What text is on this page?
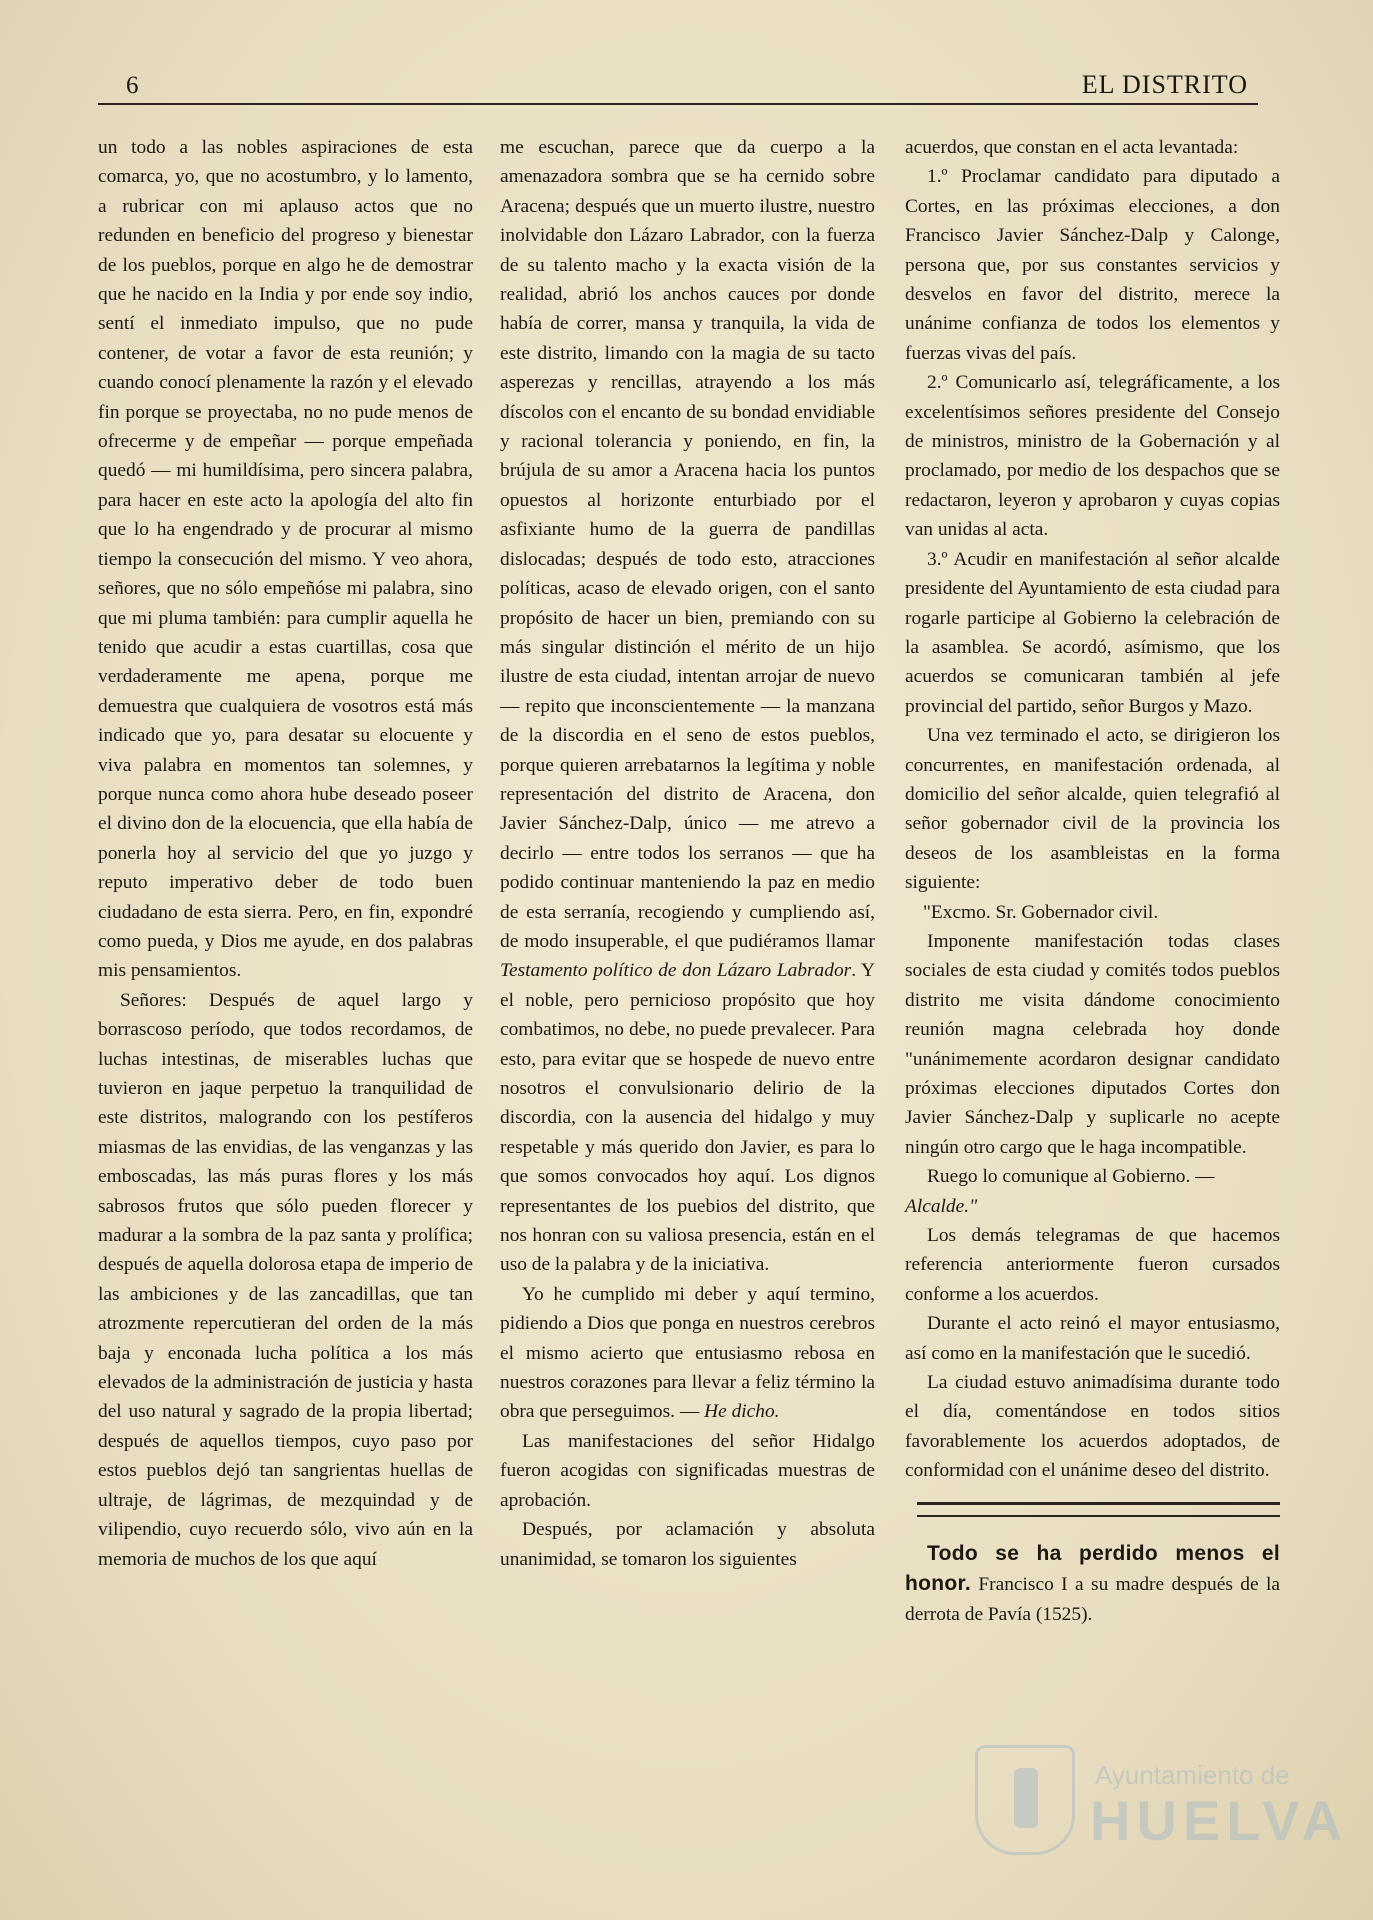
6	EL DISTRITO

un todo a las nobles aspiraciones de esta comarca, yo, que no acostumbro, y lo lamento, a rubricar con mi aplauso actos que no redunden en beneficio del progreso y bienestar de los pueblos, porque en algo he de demostrar que he nacido en la India y por ende soy indio, sentí el inmediato impulso, que no pude contener, de votar a favor de esta reunión; y cuando conocí plenamente la razón y el elevado fin porque se proyectaba, no no pude menos de ofrecerme y de empeñar — porque empeñada quedó — mi humildísima, pero sincera palabra, para hacer en este acto la apología del alto fin que lo ha engendrado y de procurar al mismo tiempo la consecución del mismo. Y veo ahora, señores, que no sólo empeñóse mi palabra, sino que mi pluma también: para cumplir aquella he tenido que acudir a estas cuartillas, cosa que verdaderamente me apena, porque me demuestra que cualquiera de vosotros está más indicado que yo, para desatar su elocuente y viva palabra en momentos tan solemnes, y porque nunca como ahora hube deseado poseer el divino don de la elocuencia, que ella había de ponerla hoy al servicio del que yo juzgo y reputo imperativo deber de todo buen ciudadano de esta sierra. Pero, en fin, expondré como pueda, y Dios me ayude, en dos palabras mis pensamientos.

Señores: Después de aquel largo y borrascoso período, que todos recordamos, de luchas intestinas, de miserables luchas que tuvieron en jaque perpetuo la tranquilidad de este distritos, malogrando con los pestíferos miasmas de las envidias, de las venganzas y las emboscadas, las más puras flores y los más sabrosos frutos que sólo pueden florecer y madurar a la sombra de la paz santa y prolífica; después de aquella dolorosa etapa de imperio de las ambiciones y de las zancadillas, que tan atrozmente repercutieran del orden de la más baja y enconada lucha política a los más elevados de la administración de justicia y hasta del uso natural y sagrado de la propia libertad; después de aquellos tiempos, cuyo paso por estos pueblos dejó tan sangrientas huellas de ultraje, de lágrimas, de mezquindad y de vilipendio, cuyo recuerdo sólo, vivo aún en la memoria de muchos de los que aquí

me escuchan, parece que da cuerpo a la amenazadora sombra que se ha cernido sobre Aracena; después que un muerto ilustre, nuestro inolvidable don Lázaro Labrador, con la fuerza de su talento macho y la exacta visión de la realidad, abrió los anchos cauces por donde había de correr, mansa y tranquila, la vida de este distrito, limando con la magia de su tacto asperezas y rencillas, atrayendo a los más díscolos con el encanto de su bondad envidiable y racional tolerancia y poniendo, en fin, la brújula de su amor a Aracena hacia los puntos opuestos al horizonte enturbiado por el asfixiante humo de la guerra de pandillas dislocadas; después de todo esto, atracciones políticas, acaso de elevado origen, con el santo propósito de hacer un bien, premiando con su más singular distinción el mérito de un hijo ilustre de esta ciudad, intentan arrojar de nuevo — repito que inconscientemente — la manzana de la discordia en el seno de estos pueblos, porque quieren arrebatarnos la legítima y noble representación del distrito de Aracena, don Javier Sánchez-Dalp, único — me atrevo a decirlo — entre todos los serranos — que ha podido continuar manteniendo la paz en medio de esta serranía, recogiendo y cumpliendo así, de modo insuperable, el que pudiéramos llamar Testamento político de don Lázaro Labrador. Y el noble, pero pernicioso propósito que hoy combatimos, no debe, no puede prevalecer. Para esto, para evitar que se hospede de nuevo entre nosotros el convulsionario delirio de la discordia, con la ausencia del hidalgo y muy respetable y más querido don Javier, es para lo que somos convocados hoy aquí. Los dignos representantes de los puebios del distrito, que nos honran con su valiosa presencia, están en el uso de la palabra y de la iniciativa.

Yo he cumplido mi deber y aquí termino, pidiendo a Dios que ponga en nuestros cerebros el mismo acierto que entusiasmo rebosa en nuestros corazones para llevar a feliz término la obra que perseguimos. — He dicho.

Las manifestaciones del señor Hidalgo fueron acogidas con significadas muestras de aprobación.

Después, por aclamación y absoluta unanimidad, se tomaron los siguientes

acuerdos, que constan en el acta levantada:

1.º Proclamar candidato para diputado a Cortes, en las próximas elecciones, a don Francisco Javier Sánchez-Dalp y Calonge, persona que, por sus constantes servicios y desvelos en favor del distrito, merece la unánime confianza de todos los elementos y fuerzas vivas del país.

2.º Comunicarlo así, telegráficamente, a los excelentísimos señores presidente del Consejo de ministros, ministro de la Gobernación y al proclamado, por medio de los despachos que se redactaron, leyeron y aprobaron y cuyas copias van unidas al acta.

3.º Acudir en manifestación al señor alcalde presidente del Ayuntamiento de esta ciudad para rogarle participe al Gobierno la celebración de la asamblea. Se acordó, asímismo, que los acuerdos se comunicaran también al jefe provincial del partido, señor Burgos y Mazo.

Una vez terminado el acto, se dirigieron los concurrentes, en manifestación ordenada, al domicilio del señor alcalde, quien telegrafió al señor gobernador civil de la provincia los deseos de los asambleistas en la forma siguiente:

"Excmo. Sr. Gobernador civil.

Imponente manifestación todas clases sociales de esta ciudad y comités todos pueblos distrito me visita dándome conocimiento reunión magna celebrada hoy donde "unánimemente acordaron designar candidato próximas elecciones diputados Cortes don Javier Sánchez-Dalp y suplicarle no acepte ningún otro cargo que le haga incompatible.

Ruego lo comunique al Gobierno. —

Alcalde."

Los demás telegramas de que hacemos referencia anteriormente fueron cursados conforme a los acuerdos.

Durante el acto reinó el mayor entusiasmo, así como en la manifestación que le sucedió.

La ciudad estuvo animadísima durante todo el día, comentándose en todos sitios favorablemente los acuerdos adoptados, de conformidad con el unánime deseo del distrito.

Todo se ha perdido menos el honor. Francisco I a su madre después de la derrota de Pavía (1525).

Ayuntamiento de
HUELVA
